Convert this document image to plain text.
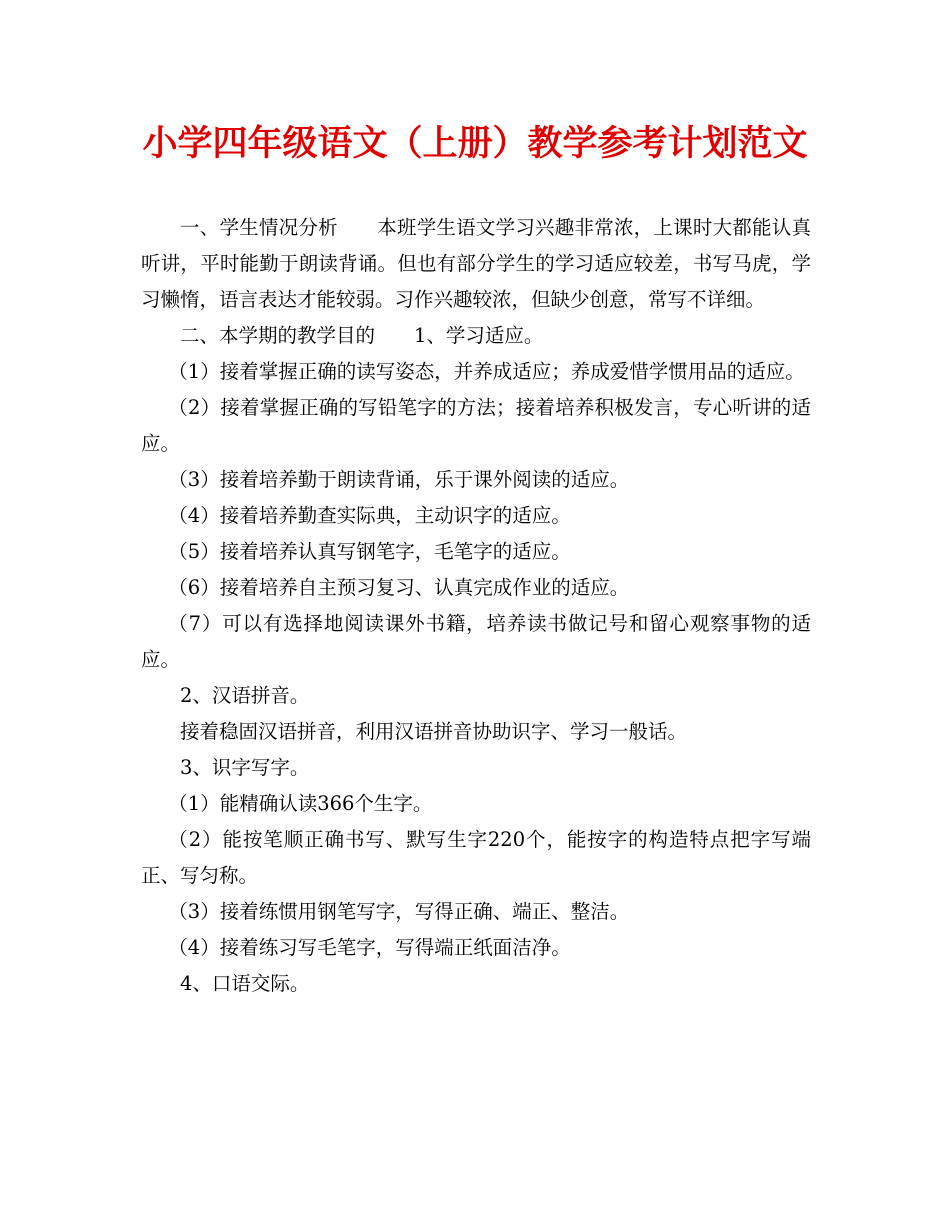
小学四年级语文（上册）教学参考计划范文

一、学生情况分析　　本班学生语文学习兴趣非常浓，上课时大都能认真听讲，平时能勤于朗读背诵。但也有部分学生的学习适应较差，书写马虎，学习懒惰，语言表达才能较弱。习作兴趣较浓，但缺少创意，常写不详细。

二、本学期的教学目的　　1、学习适应。

（1）接着掌握正确的读写姿态，并养成适应；养成爱惜学惯用品的适应。

（2）接着掌握正确的写铅笔字的方法；接着培养积极发言，专心听讲的适应。

（3）接着培养勤于朗读背诵，乐于课外阅读的适应。

（4）接着培养勤查实际典，主动识字的适应。

（5）接着培养认真写钢笔字，毛笔字的适应。

（6）接着培养自主预习复习、认真完成作业的适应。

（7）可以有选择地阅读课外书籍，培养读书做记号和留心观察事物的适应。

2、汉语拼音。

接着稳固汉语拼音，利用汉语拼音协助识字、学习一般话。

3、识字写字。

（1）能精确认读366个生字。

（2）能按笔顺正确书写、默写生字220个，能按字的构造特点把字写端正、写匀称。

（3）接着练惯用钢笔写字，写得正确、端正、整洁。

（4）接着练习写毛笔字，写得端正纸面洁净。

4、口语交际。
